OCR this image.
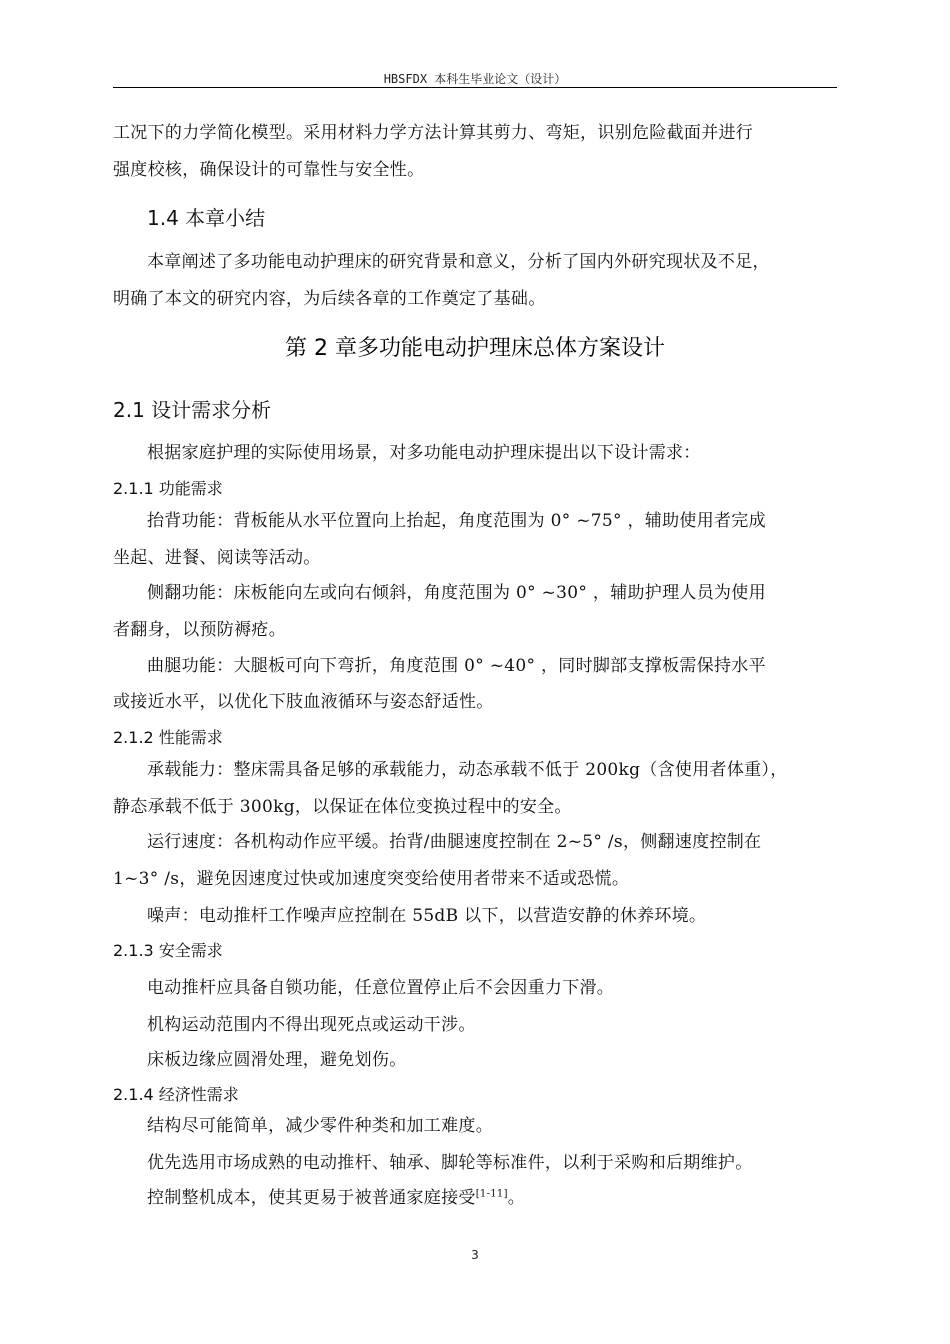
HBSFDX 本科生毕业论文（设计）
工况下的力学简化模型。采用材料力学方法计算其剪力、弯矩，识别危险截面并进行
强度校核，确保设计的可靠性与安全性。
1.4 本章小结
本章阐述了多功能电动护理床的研究背景和意义，分析了国内外研究现状及不足，
明确了本文的研究内容，为后续各章的工作奠定了基础。
第 2 章多功能电动护理床总体方案设计
2.1 设计需求分析
根据家庭护理的实际使用场景，对多功能电动护理床提出以下设计需求：
2.1.1 功能需求
抬背功能：背板能从水平位置向上抬起，角度范围为 0° ~75° ，辅助使用者完成
坐起、进餐、阅读等活动。
侧翻功能：床板能向左或向右倾斜，角度范围为 0° ~30° ，辅助护理人员为使用
者翻身，以预防褥疮。
曲腿功能：大腿板可向下弯折，角度范围 0° ~40° ，同时脚部支撑板需保持水平
或接近水平，以优化下肢血液循环与姿态舒适性。
2.1.2 性能需求
承载能力：整床需具备足够的承载能力，动态承载不低于 200kg（含使用者体重），
静态承载不低于 300kg，以保证在体位变换过程中的安全。
运行速度：各机构动作应平缓。抬背/曲腿速度控制在 2~5° /s，侧翻速度控制在
1~3° /s，避免因速度过快或加速度突变给使用者带来不适或恐慌。
噪声：电动推杆工作噪声应控制在 55dB 以下，以营造安静的休养环境。
2.1.3 安全需求
电动推杆应具备自锁功能，任意位置停止后不会因重力下滑。
机构运动范围内不得出现死点或运动干涉。
床板边缘应圆滑处理，避免划伤。
2.1.4 经济性需求
结构尽可能简单，减少零件种类和加工难度。
优先选用市场成熟的电动推杆、轴承、脚轮等标准件，以利于采购和后期维护。
控制整机成本，使其更易于被普通家庭接受[1-11]。
3
